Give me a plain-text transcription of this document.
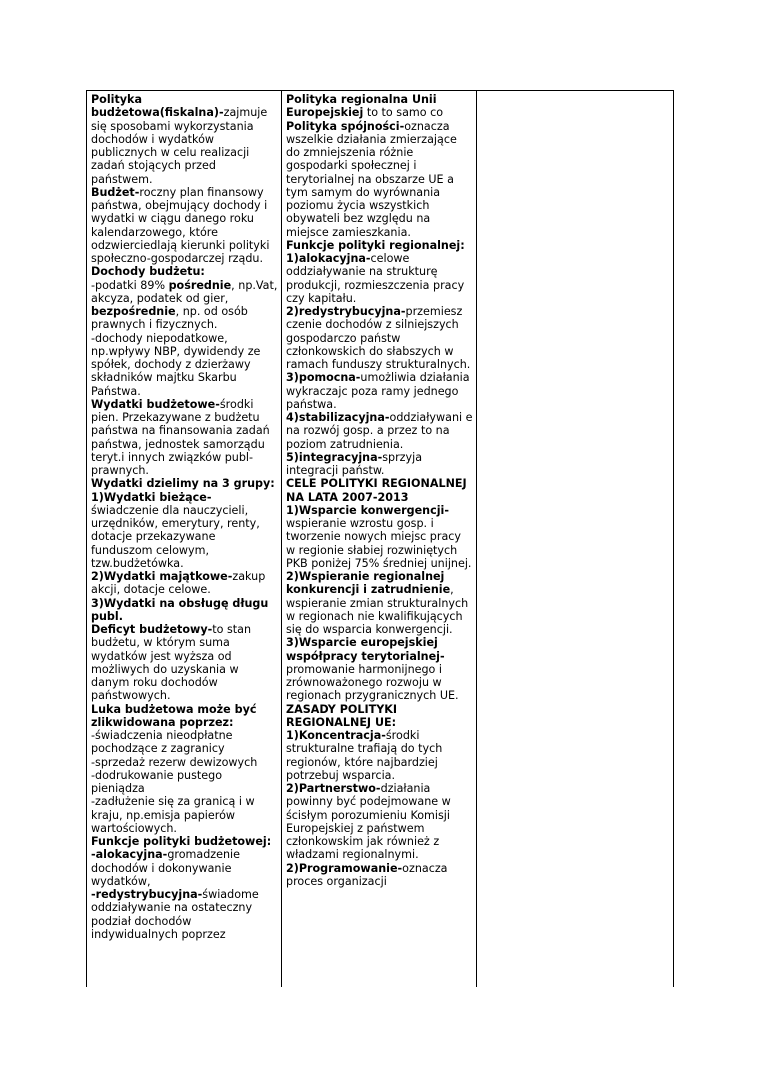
Polityka budżetowa(fiskalna)-zajmuje się sposobami wykorzystania dochodów i wydatków publicznych w celu realizacji zadań stojących przed państwem.

Budżet-roczny plan finansowy państwa, obejmujący dochody i wydatki w ciągu danego roku kalendarzowego, które odzwierciedlają kierunki polityki społeczno-gospodarczej rządu.

Dochody budżetu:

-podatki 89% pośrednie, np.Vat, akcyza, podatek od gier, bezpośrednie, np. od osób prawnych i fizycznych.

-dochody niepodatkowe, np.wpływy NBP, dywidendy ze spółek, dochody z dzierżawy składników majtku Skarbu Państwa.

Wydatki budżetowe-środki pien. Przekazywane z budżetu państwa na finansowania zadań państwa, jednostek samorządu teryt.i innych związków publ-prawnych.

Wydatki dzielimy na 3 grupy:

1)Wydatki bieżące-świadczenie dla nauczycieli, urzędników, emerytury, renty, dotacje przekazywane funduszom celowym, tzw.budżetówka.

2)Wydatki majątkowe-zakup akcji, dotacje celowe.

3)Wydatki na obsługę długu publ.

Deficyt budżetowy-to stan budżetu, w którym suma wydatków jest wyższa od możliwych do uzyskania w danym roku dochodów państwowych.

Luka budżetowa może być zlikwidowana poprzez:

-świadczenia nieodpłatne pochodzące z zagranicy

-sprzedaż rezerw dewizowych

-dodrukowanie pustego pieniądza

-zadłużenie się za granicą i w kraju, np.emisja papierów wartościowych.

Funkcje polityki budżetowej:

-alokacyjna-gromadzenie dochodów i dokonywanie wydatków,

-redystrybucyjna-świadome oddziaływanie na ostateczny podział dochodów indywidualnych poprzez

Polityka regionalna Unii Europejskiej to to samo co Polityka spójności-oznacza wszelkie działania zmierzające do zmniejszenia różnie gospodarki społecznej i terytorialnej na obszarze UE a tym samym do wyrównania poziomu życia wszystkich obywateli bez względu na miejsce zamieszkania.

Funkcje polityki regionalnej:

1)alokacyjna-celowe oddziaływanie na strukturę produkcji, rozmieszczenia pracy czy kapitału.

2)redystrybucyjna-przemiesz czenie dochodów z silniejszych gospodarczo państw członkowskich do słabszych w ramach funduszy strukturalnych.

3)pomocna-umożliwia działania wykraczajc poza ramy jednego państwa.

4)stabilizacyjna-oddziaływani e na rozwój gosp. a przez to na poziom zatrudnienia.

5)integracyjna-sprzyja integracji państw.

CELE POLITYKI REGIONALNEJ NA LATA 2007-2013

1)Wsparcie konwergencji-wspieranie wzrostu gosp. i tworzenie nowych miejsc pracy w regionie słabiej rozwiniętych PKB poniżej 75% średniej unijnej.

2)Wspieranie regionalnej konkurencji i zatrudnienie, wspieranie zmian strukturalnych w regionach nie kwalifikujących się do wsparcia konwergencji.

3)Wsparcie europejskiej współpracy terytorialnej-promowanie harmonijnego i zrównoważonego rozwoju w regionach przygranicznych UE.

ZASADY POLITYKI REGIONALNEJ UE:

1)Koncentracja-środki strukturalne trafiają do tych regionów, które najbardziej potrzebuj wsparcia.

2)Partnerstwo-działania powinny być podejmowane w ścisłym porozumieniu Komisji Europejskiej z państwem członkowskim jak również z władzami regionalnymi.

2)Programowanie-oznacza proces organizacji
